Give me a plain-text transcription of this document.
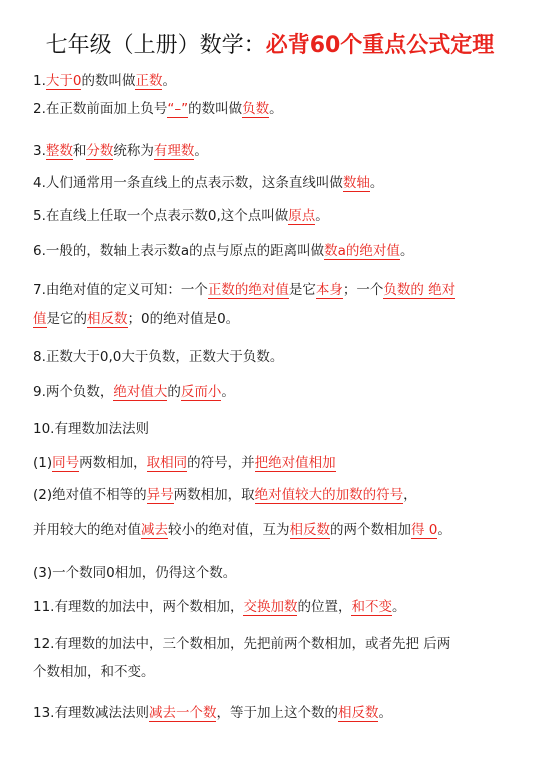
七年级（上册）数学：必背60个重点公式定理
1.大于0的数叫做正数。
2.在正数前面加上负号“–”的数叫做负数。
3.整数和分数统称为有理数。
4.人们通常用一条直线上的点表示数，这条直线叫做数轴。
5.在直线上任取一个点表示数0,这个点叫做原点。
6.一般的，数轴上表示数a的点与原点的距离叫做数a的绝对值。
7.由绝对值的定义可知：一个正数的绝对值是它本身；一个负数的 绝对
值是它的相反数；0的绝对值是0。
8.正数大于0,0大于负数，正数大于负数。
9.两个负数，绝对值大的反而小。
10.有理数加法法则
(1)同号两数相加，取相同的符号，并把绝对值相加
(2)绝对值不相等的异号两数相加，取绝对值较大的加数的符号，
并用较大的绝对值减去较小的绝对值，互为相反数的两个数相加得 0。
(3)一个数同0相加，仍得这个数。
11.有理数的加法中，两个数相加，交换加数的位置，和不变。
12.有理数的加法中，三个数相加，先把前两个数相加，或者先把 后两
个数相加，和不变。
13.有理数减法法则减去一个数，等于加上这个数的相反数。
